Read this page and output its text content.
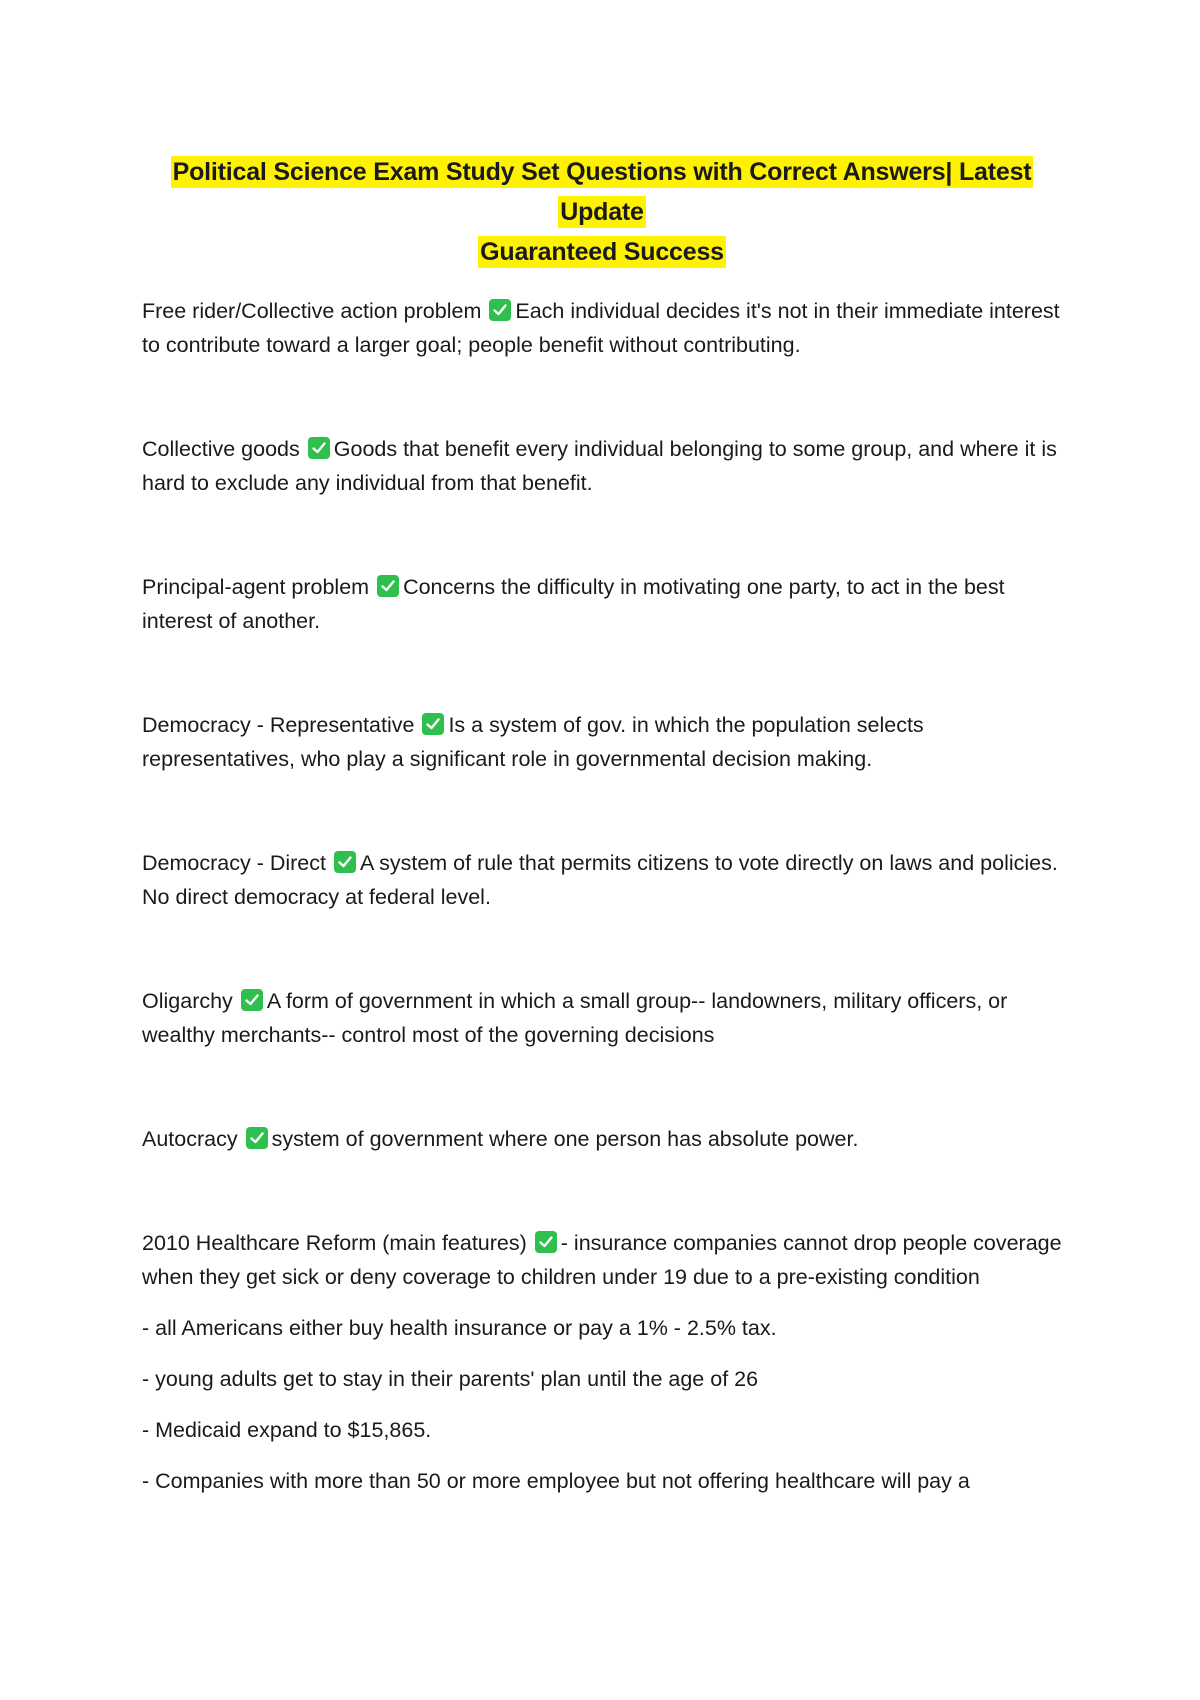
Political Science Exam Study Set Questions with Correct Answers| Latest Update
Guaranteed Success

Free rider/Collective action problem Each individual decides it's not in their immediate interest to contribute toward a larger goal; people benefit without contributing.

Collective goods Goods that benefit every individual belonging to some group, and where it is hard to exclude any individual from that benefit.

Principal-agent problem Concerns the difficulty in motivating one party, to act in the best interest of another.

Democracy - Representative Is a system of gov. in which the population selects representatives, who play a significant role in governmental decision making.

Democracy - Direct A system of rule that permits citizens to vote directly on laws and policies. No direct democracy at federal level.

Oligarchy A form of government in which a small group-- landowners, military officers, or wealthy merchants-- control most of the governing decisions

Autocracy system of government where one person has absolute power.

2010 Healthcare Reform (main features) - insurance companies cannot drop people coverage when they get sick or deny coverage to children under 19 due to a pre-existing condition

- all Americans either buy health insurance or pay a 1% - 2.5% tax.

- young adults get to stay in their parents' plan until the age of 26

- Medicaid expand to $15,865.

- Companies with more than 50 or more employee but not offering healthcare will pay a
